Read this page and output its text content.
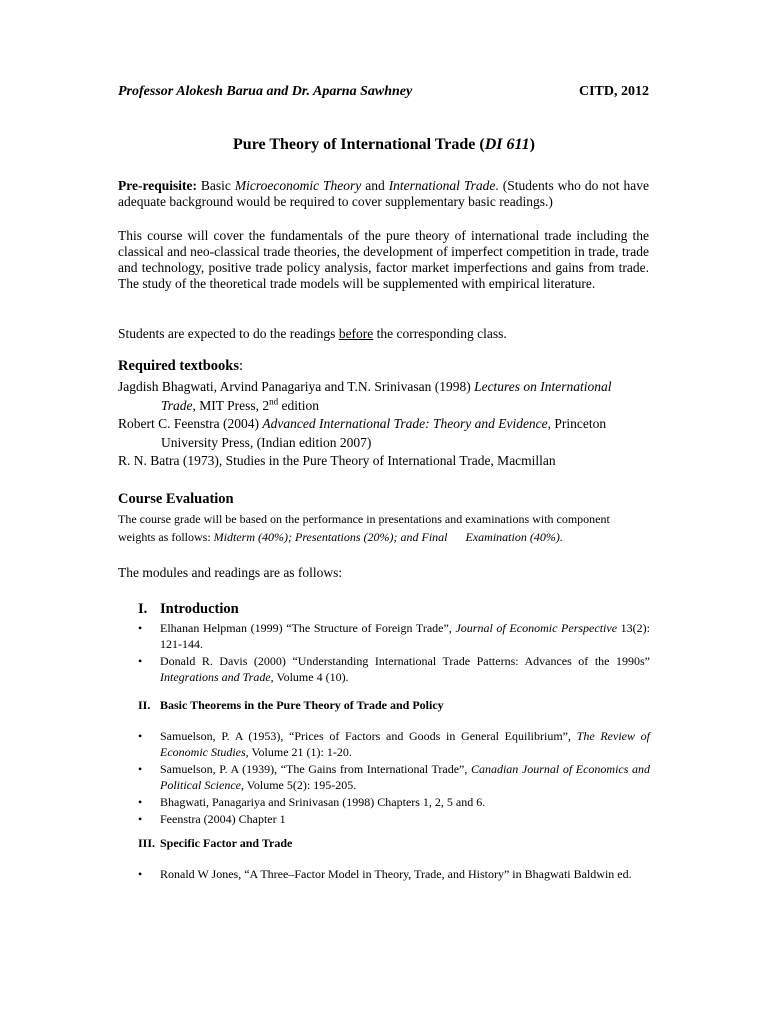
Professor Alokesh Barua and Dr. Aparna Sawhney	CITD, 2012
Pure Theory of International Trade (DI 611)
Pre-requisite: Basic Microeconomic Theory and International Trade. (Students who do not have adequate background would be required to cover supplementary basic readings.)
This course will cover the fundamentals of the pure theory of international trade including the classical and neo-classical trade theories, the development of imperfect competition in trade, trade and technology, positive trade policy analysis, factor market imperfections and gains from trade. The study of the theoretical trade models will be supplemented with empirical literature.
Students are expected to do the readings before the corresponding class.
Required textbooks:
Jagdish Bhagwati, Arvind Panagariya and T.N. Srinivasan (1998) Lectures on International Trade, MIT Press, 2nd edition
Robert C. Feenstra (2004) Advanced International Trade: Theory and Evidence, Princeton University Press, (Indian edition 2007)
R. N. Batra (1973), Studies in the Pure Theory of International Trade, Macmillan
Course Evaluation
The course grade will be based on the performance in presentations and examinations with component weights as follows: Midterm (40%); Presentations (20%); and Final      Examination (40%).
The modules and readings are as follows:
I. Introduction
• Elhanan Helpman (1999) “The Structure of Foreign Trade”, Journal of Economic Perspective 13(2): 121-144.
• Donald R. Davis (2000) “Understanding International Trade Patterns: Advances of the 1990s” Integrations and Trade, Volume 4 (10).
II. Basic Theorems in the Pure Theory of Trade and Policy
• Samuelson, P. A (1953), “Prices of Factors and Goods in General Equilibrium”, The Review of Economic Studies, Volume 21 (1): 1-20.
• Samuelson, P. A (1939), “The Gains from International Trade”, Canadian Journal of Economics and Political Science, Volume 5(2): 195-205.
• Bhagwati, Panagariya and Srinivasan (1998) Chapters 1, 2, 5 and 6.
• Feenstra (2004) Chapter 1
III. Specific Factor and Trade
• Ronald W Jones, “A Three–Factor Model in Theory, Trade, and History” in Bhagwati Baldwin ed.
